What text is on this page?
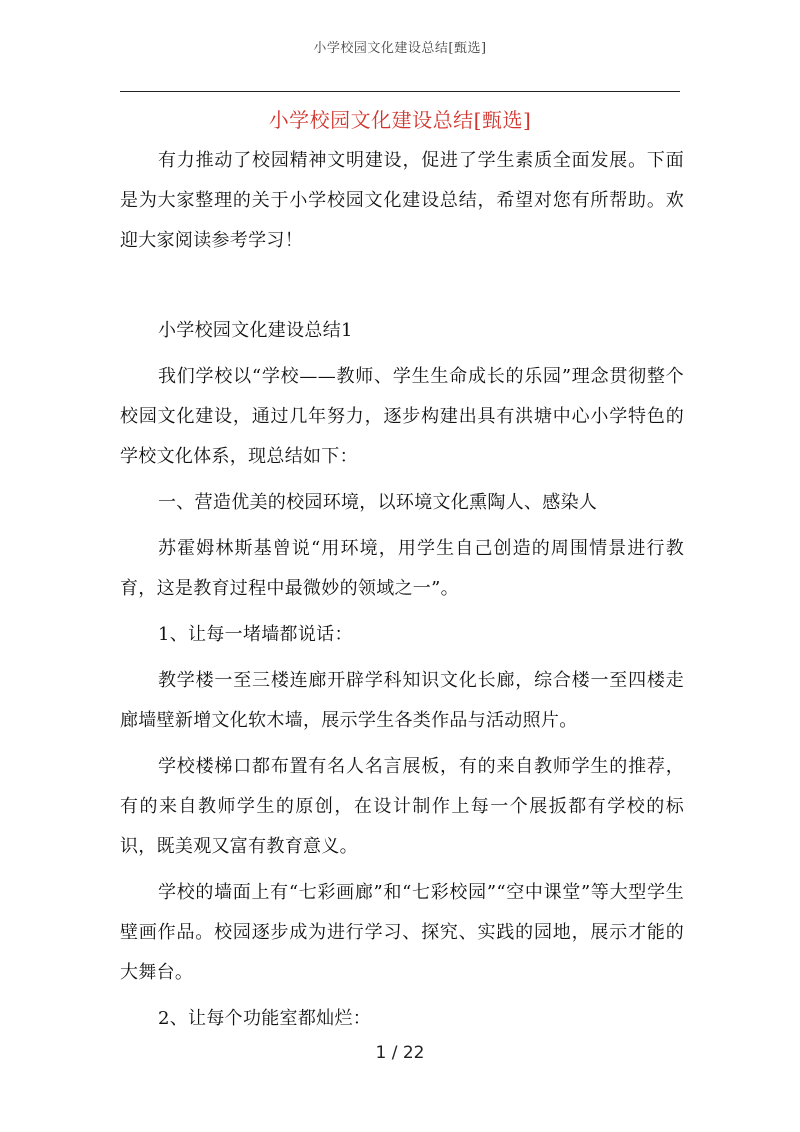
小学校园文化建设总结[甄选]
小学校园文化建设总结[甄选]

有力推动了校园精神文明建设，促进了学生素质全面发展。下面是为大家整理的关于小学校园文化建设总结，希望对您有所帮助。欢迎大家阅读参考学习！

小学校园文化建设总结1

我们学校以“学校——教师、学生生命成长的乐园”理念贯彻整个校园文化建设，通过几年努力，逐步构建出具有洪塘中心小学特色的学校文化体系，现总结如下：

一、营造优美的校园环境，以环境文化熏陶人、感染人

苏霍姆林斯基曾说“用环境，用学生自己创造的周围情景进行教育，这是教育过程中最微妙的领域之一”。

1、让每一堵墙都说话：

教学楼一至三楼连廊开辟学科知识文化长廊，综合楼一至四楼走廊墙壁新增文化软木墙，展示学生各类作品与活动照片。

学校楼梯口都布置有名人名言展板，有的来自教师学生的推荐，有的来自教师学生的原创，在设计制作上每一个展扳都有学校的标识，既美观又富有教育意义。

学校的墙面上有“七彩画廊”和“七彩校园”“空中课堂”等大型学生壁画作品。校园逐步成为进行学习、探究、实践的园地，展示才能的大舞台。

2、让每个功能室都灿烂：

1 / 22
